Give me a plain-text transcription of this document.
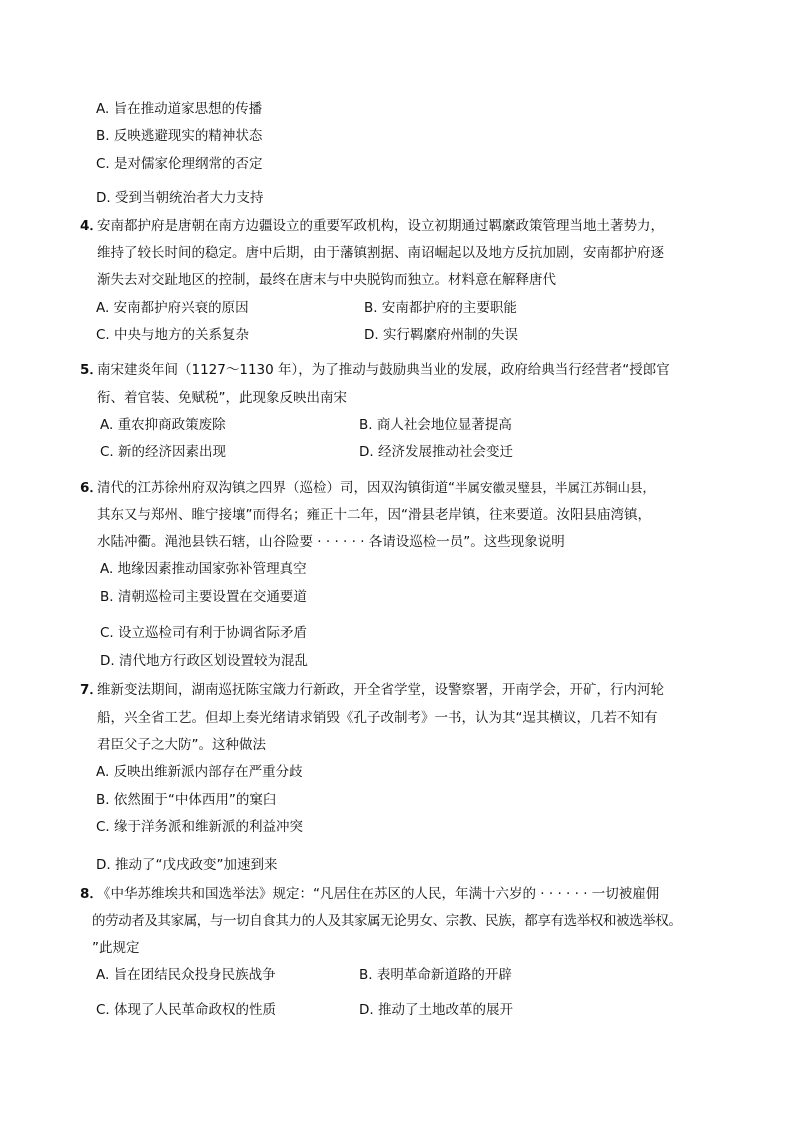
A. 旨在推动道家思想的传播
B. 反映逃避现实的精神状态
C. 是对儒家伦理纲常的否定
D. 受到当朝统治者大力支持
4．
安南都护府是唐朝在南方边疆设立的重要军政机构，设立初期通过羁縻政策管理当地土著势力，
维持了较长时间的稳定。唐中后期，由于藩镇割据、南诏崛起以及地方反抗加剧，安南都护府逐
渐失去对交趾地区的控制，最终在唐末与中央脱钩而独立。材料意在解释唐代
A. 安南都护府兴衰的原因	B. 安南都护府的主要职能
C. 中央与地方的关系复杂	D. 实行羁縻府州制的失误
5．
南宋建炎年间（1127～1130 年），为了推动与鼓励典当业的发展，政府给典当行经营者“授郎官
衔、着官装、免赋税”，此现象反映出南宋
A. 重农抑商政策废除	B. 商人社会地位显著提高
C. 新的经济因素出现	D. 经济发展推动社会变迁
6．
清代的江苏徐州府双沟镇之四界（巡检）司，因双沟镇街道“半属安徽灵璧县，半属江苏铜山县，
其东又与郑州、睢宁接壤”而得名；雍正十二年，因“滑县老岸镇，往来要道。汝阳县庙湾镇，
水陆冲衢。渑池县铁石辖，山谷险要 · · · · · · 各请设巡检一员”。这些现象说明
A. 地缘因素推动国家弥补管理真空
B. 清朝巡检司主要设置在交通要道
C. 设立巡检司有利于协调省际矛盾
D. 清代地方行政区划设置较为混乱
7．
维新变法期间，湖南巡抚陈宝箴力行新政，开全省学堂，设警察署，开南学会，开矿，行内河轮
船，兴全省工艺。但却上奏光绪请求销毁《孔子改制考》一书，认为其“逞其横议，几若不知有
君臣父子之大防”。这种做法
A. 反映出维新派内部存在严重分歧
B. 依然囿于“中体西用”的窠臼
C. 缘于洋务派和维新派的利益冲突
D. 推动了“戊戌政变”加速到来
8．
《中华苏维埃共和国选举法》规定：“凡居住在苏区的人民，年满十六岁的 · · · · · · 一切被雇佣
的劳动者及其家属，与一切自食其力的人及其家属无论男女、宗教、民族，都享有选举权和被选举权。
”此规定
A. 旨在团结民众投身民族战争	B. 表明革命新道路的开辟
C. 体现了人民革命政权的性质	D. 推动了土地改革的展开
